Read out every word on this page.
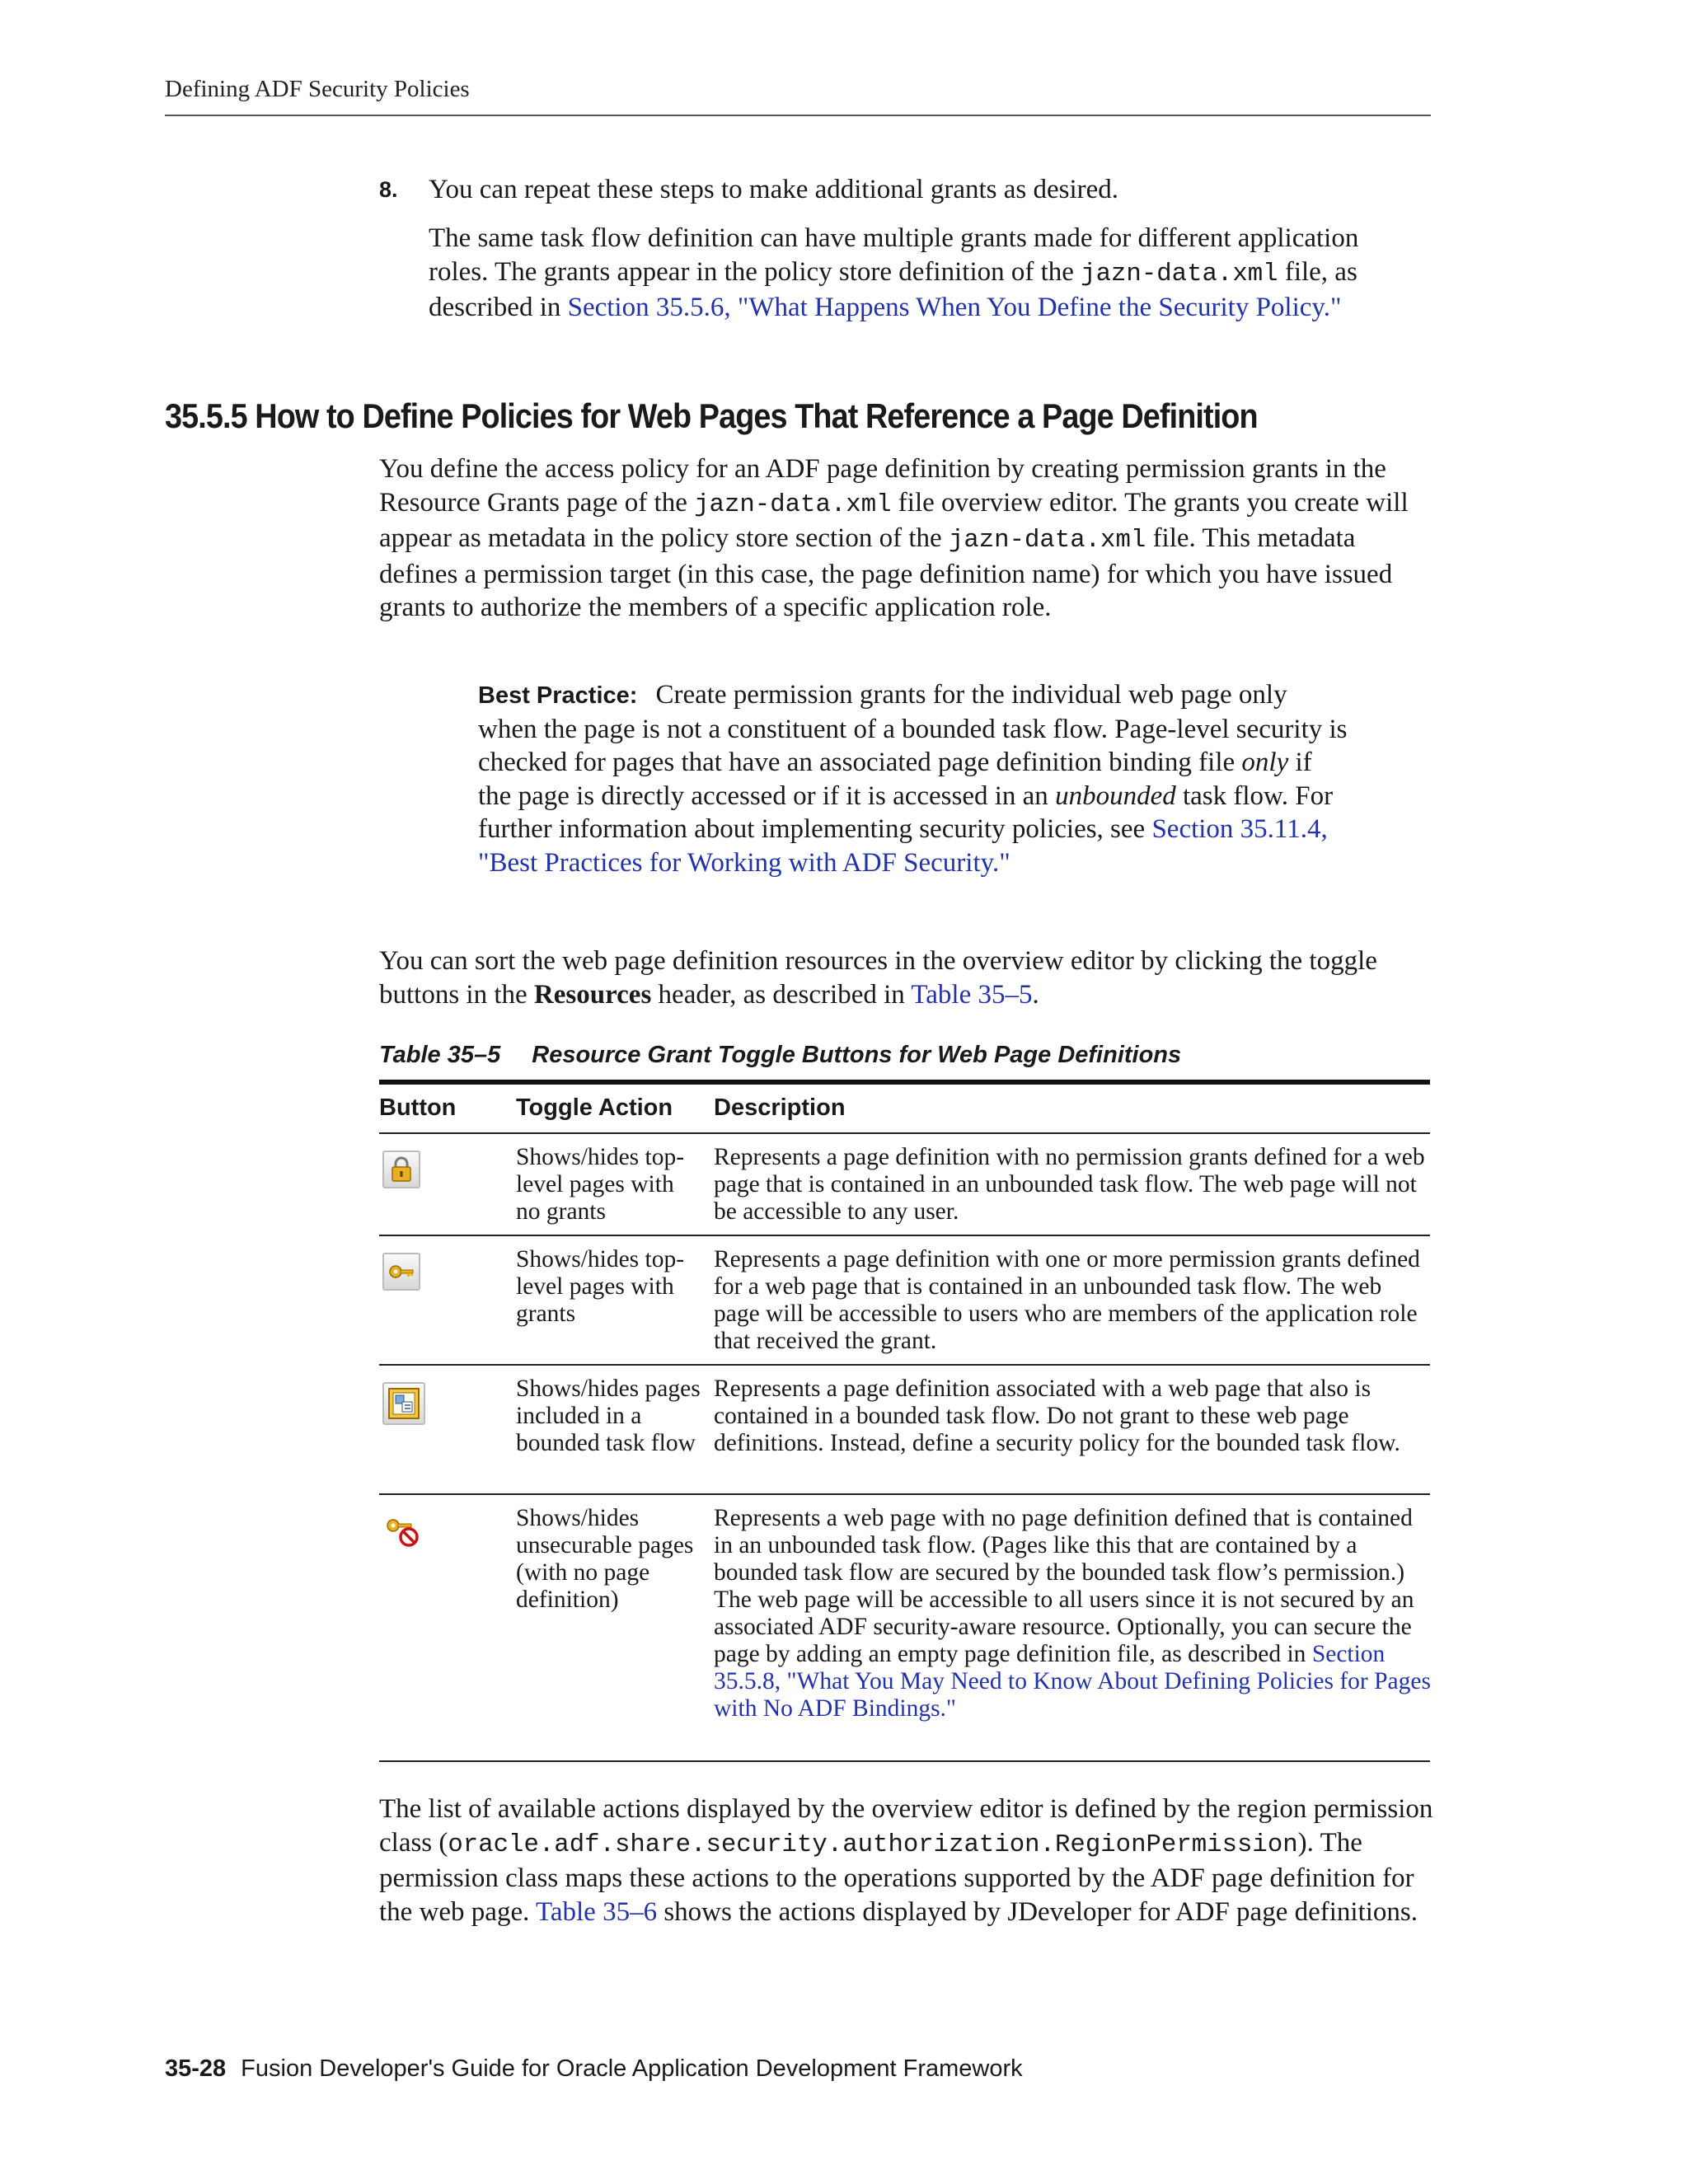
Defining ADF Security Policies
8. You can repeat these steps to make additional grants as desired.
The same task flow definition can have multiple grants made for different application roles. The grants appear in the policy store definition of the jazn-data.xml file, as described in Section 35.5.6, "What Happens When You Define the Security Policy."
35.5.5 How to Define Policies for Web Pages That Reference a Page Definition
You define the access policy for an ADF page definition by creating permission grants in the Resource Grants page of the jazn-data.xml file overview editor. The grants you create will appear as metadata in the policy store section of the jazn-data.xml file. This metadata defines a permission target (in this case, the page definition name) for which you have issued grants to authorize the members of a specific application role.
Best Practice: Create permission grants for the individual web page only when the page is not a constituent of a bounded task flow. Page-level security is checked for pages that have an associated page definition binding file only if the page is directly accessed or if it is accessed in an unbounded task flow. For further information about implementing security policies, see Section 35.11.4, "Best Practices for Working with ADF Security."
You can sort the web page definition resources in the overview editor by clicking the toggle buttons in the Resources header, as described in Table 35–5.
Table 35–5 Resource Grant Toggle Buttons for Web Page Definitions
Button	Toggle Action Description
Shows/hides top-level pages with no grants
Represents a page definition with no permission grants defined for a web page that is contained in an unbounded task flow. The web page will not be accessible to any user.
Shows/hides top-level pages with grants
Represents a page definition with one or more permission grants defined for a web page that is contained in an unbounded task flow. The web page will be accessible to users who are members of the application role that received the grant.
Shows/hides pages included in a bounded task flow
Represents a page definition associated with a web page that also is contained in a bounded task flow. Do not grant to these web page definitions. Instead, define a security policy for the bounded task flow.
Shows/hides unsecurable pages (with no page definition)
Represents a web page with no page definition defined that is contained in an unbounded task flow. (Pages like this that are contained by a bounded task flow are secured by the bounded task flow’s permission.) The web page will be accessible to all users since it is not secured by an associated ADF security-aware resource. Optionally, you can secure the page by adding an empty page definition file, as described in Section 35.5.8, "What You May Need to Know About Defining Policies for Pages with No ADF Bindings."
The list of available actions displayed by the overview editor is defined by the region permission class (oracle.adf.share.security.authorization.RegionPermission). The permission class maps these actions to the operations supported by the ADF page definition for the web page. Table 35–6 shows the actions displayed by JDeveloper for ADF page definitions.
35-28 Fusion Developer's Guide for Oracle Application Development Framework
